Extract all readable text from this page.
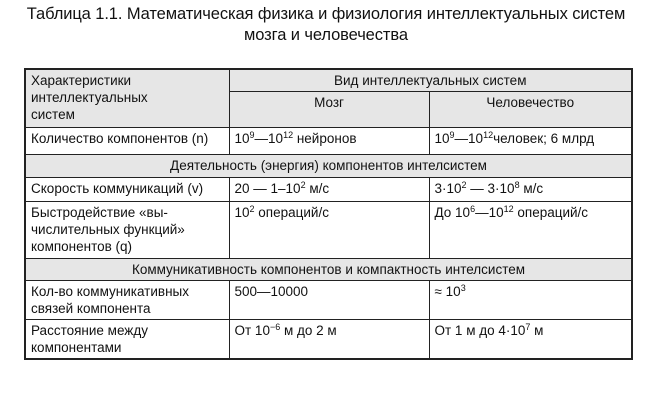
Таблица 1.1. Математическая физика и физиология интеллектуальных систем
мозга и человечества
Характеристики
интеллектуальных
систем	Вид интеллектуальных систем	
	Мозг	Человечество
Количество компонентов (n)	$10^9—10^{12}$ нейронов	$10^9—10^{12}человек$; 6 млрд
Деятельность (энергия) компонентов интелсистем		
Скорость коммуникаций (v)	20 — $1-10^2$ м/с	$3\cdot 10^2$ — $3\cdot 10^8$ м/с

Быстродействие «вы-
числительных функций»
компонентов (q)	$10^2$ операций/с	До $10^6—10^{12}$ операций/с
Коммуникативность компонентов и компактность интелсистем		

Кол-во коммуникативных
связей компонента	500—10000	≈ $10^3$

Расстояние между
компонентами	От $10^{-6}$ м до 2 м	От 1 м до $4\cdot 10^7$ м
